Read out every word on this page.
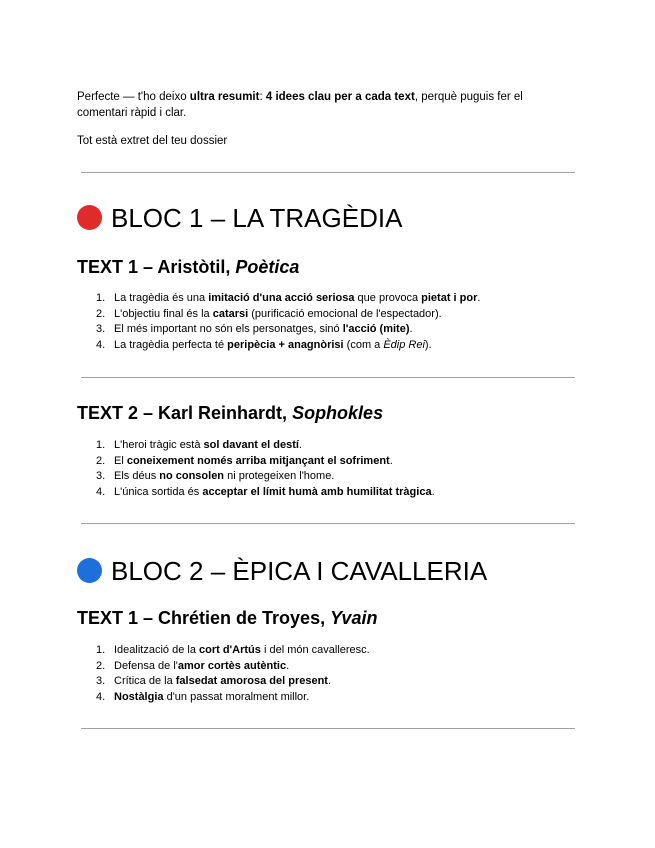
Perfecte — t'ho deixo ultra resumit: 4 idees clau per a cada text, perquè puguis fer el comentari ràpid i clar.

Tot està extret del teu dossier

BLOC 1 – LA TRAGÈDIA
TEXT 1 – Aristòtil, Poètica
1. La tragèdia és una imitació d'una acció seriosa que provoca pietat i por.
2. L'objectiu final és la catarsi (purificació emocional de l'espectador).
3. El més important no són els personatges, sinó l'acció (mite).
4. La tragèdia perfecta té peripècia + anagnòrisi (com a Èdip Rei).
TEXT 2 – Karl Reinhardt, Sophokles
1. L'heroi tràgic està sol davant el destí.
2. El coneixement només arriba mitjançant el sofriment.
3. Els déus no consolen ni protegeixen l'home.
4. L'única sortida és acceptar el límit humà amb humilitat tràgica.
BLOC 2 – ÈPICA I CAVALLERIA
TEXT 1 – Chrétien de Troyes, Yvain
1. Idealització de la cort d'Artús i del món cavalleresc.
2. Defensa de l'amor cortès autèntic.
3. Crítica de la falsedat amorosa del present.
4. Nostàlgia d'un passat moralment millor.
